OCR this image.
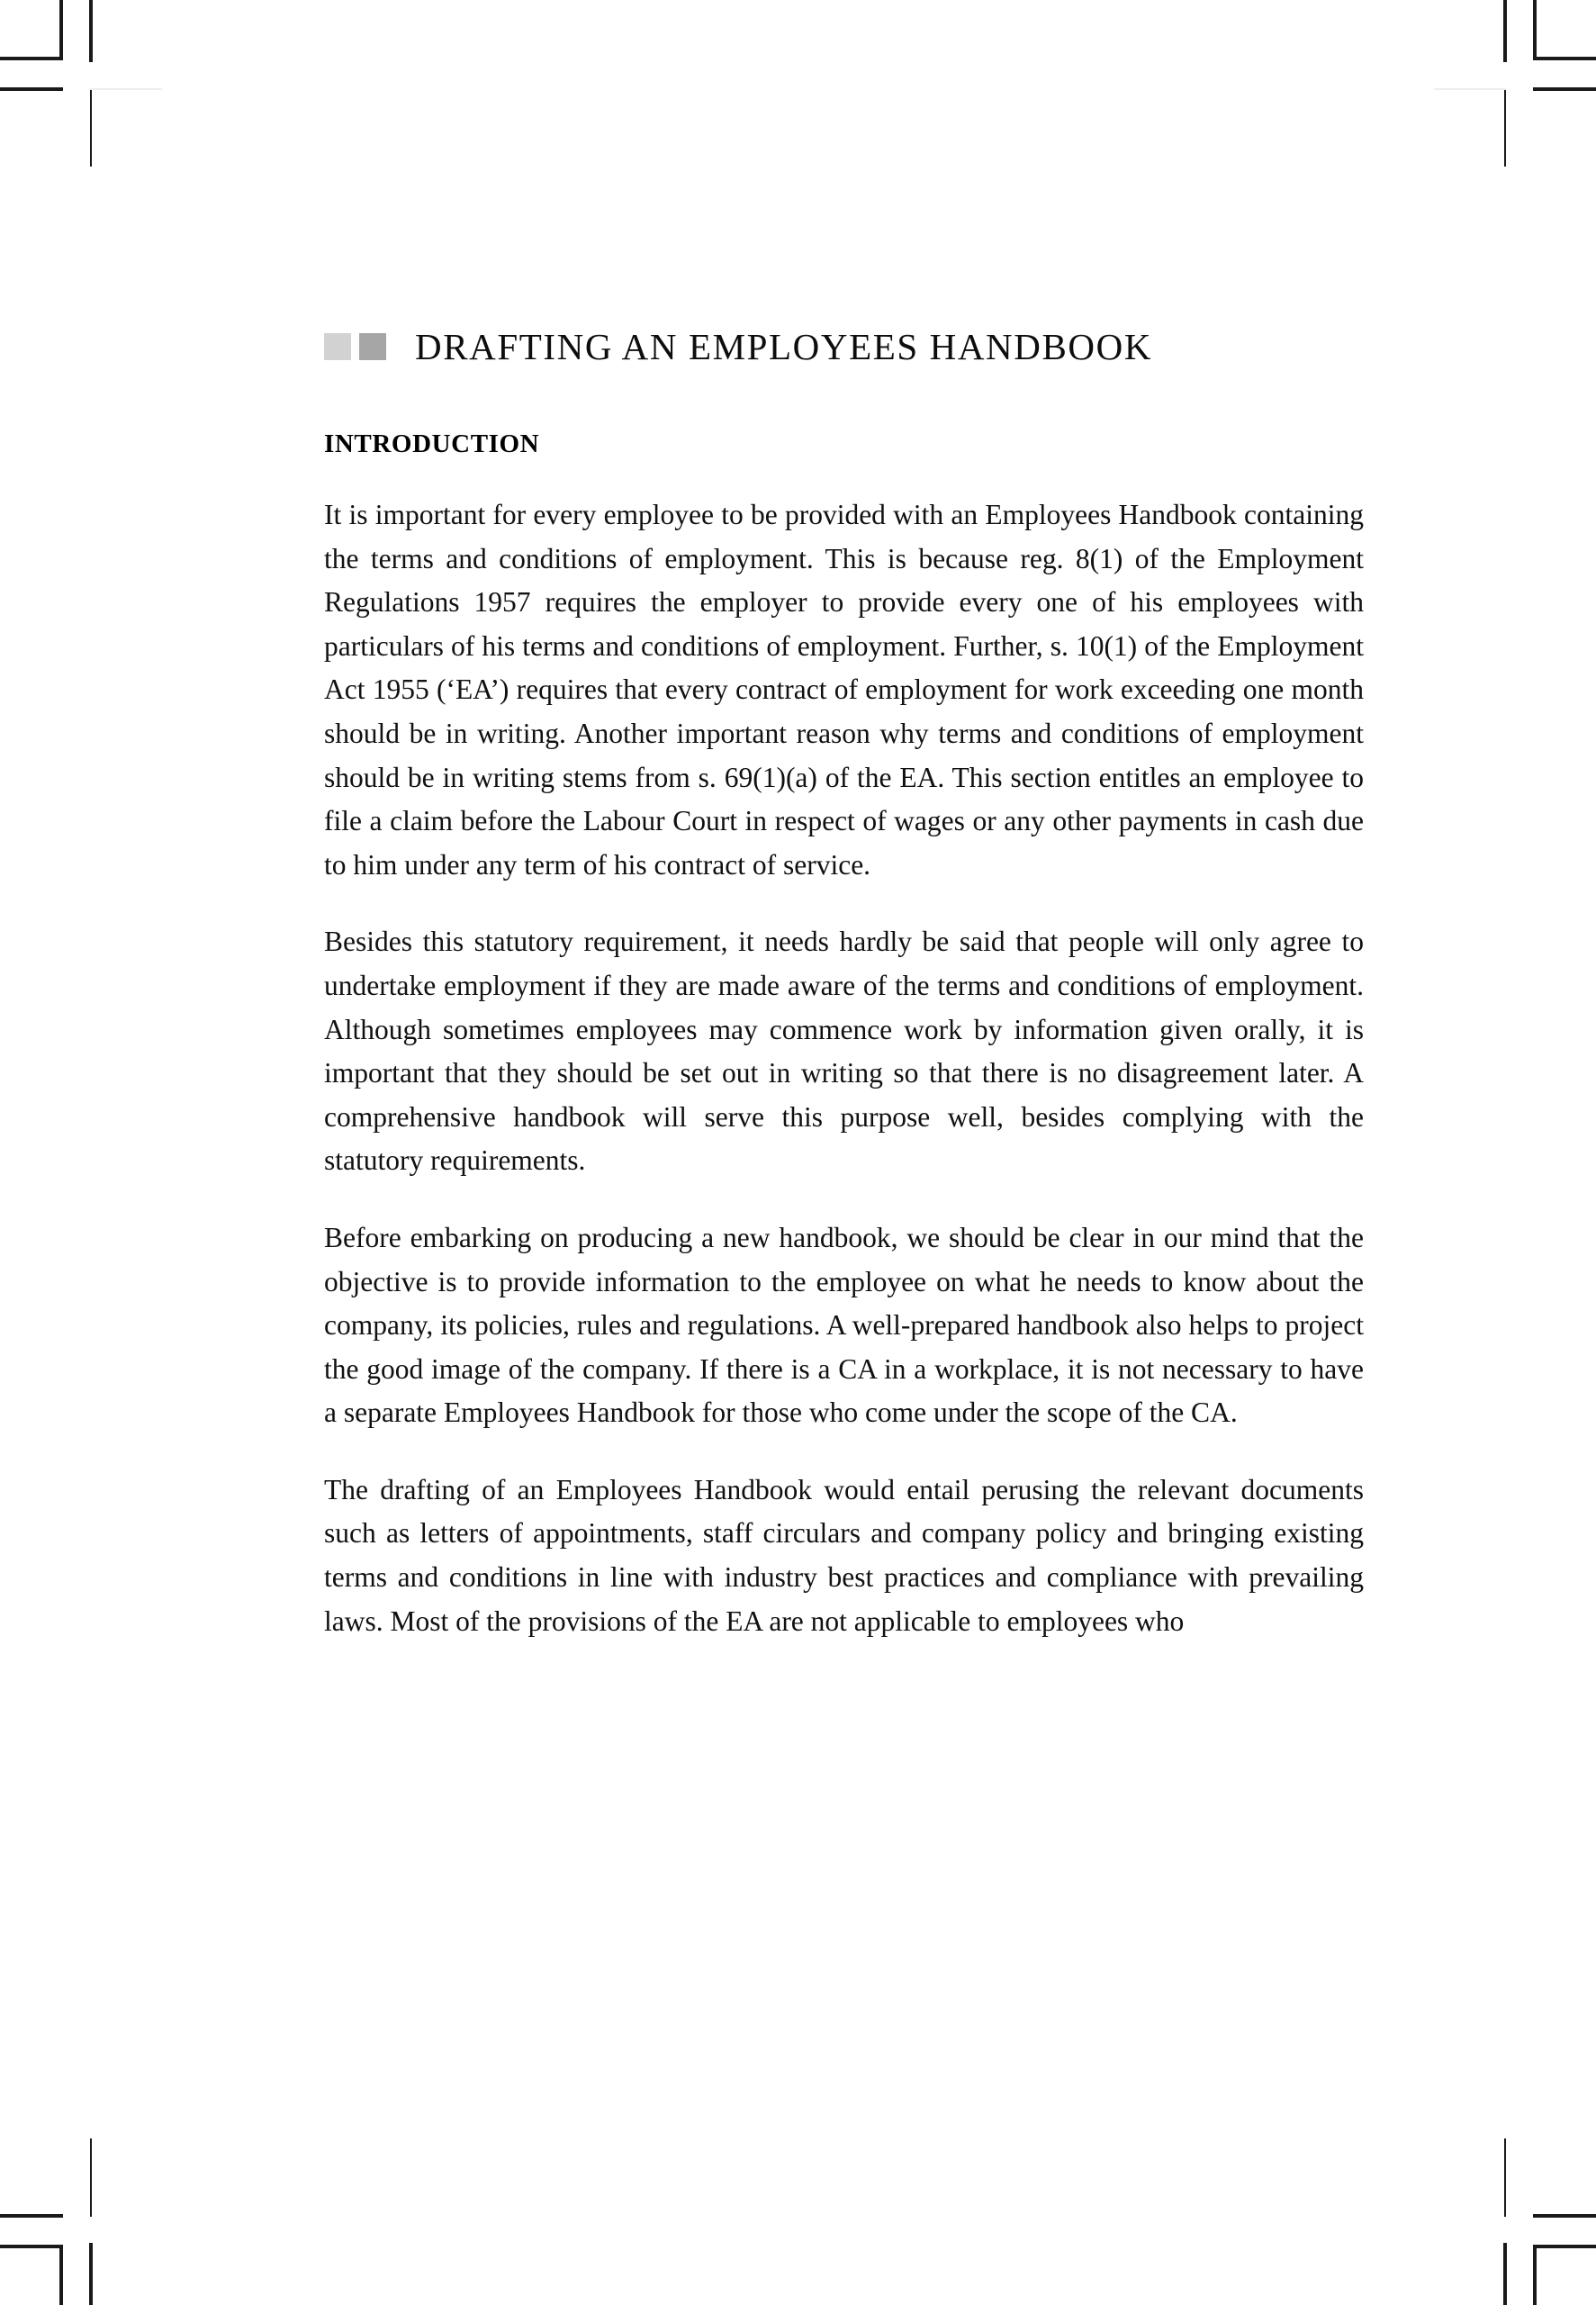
DRAFTING AN EMPLOYEES HANDBOOK
INTRODUCTION

It is important for every employee to be provided with an Employees Handbook containing the terms and conditions of employment. This is because reg. 8(1) of the Employment Regulations 1957 requires the employer to provide every one of his employees with particulars of his terms and conditions of employment. Further, s. 10(1) of the Employment Act 1955 (‘EA’) requires that every contract of employment for work exceeding one month should be in writing. Another important reason why terms and conditions of employment should be in writing stems from s. 69(1)(a) of the EA. This section entitles an employee to file a claim before the Labour Court in respect of wages or any other payments in cash due to him under any term of his contract of service.

Besides this statutory requirement, it needs hardly be said that people will only agree to undertake employment if they are made aware of the terms and conditions of employment. Although sometimes employees may commence work by information given orally, it is important that they should be set out in writing so that there is no disagreement later. A comprehensive handbook will serve this purpose well, besides complying with the statutory requirements.

Before embarking on producing a new handbook, we should be clear in our mind that the objective is to provide information to the employee on what he needs to know about the company, its policies, rules and regulations. A well-prepared handbook also helps to project the good image of the company. If there is a CA in a workplace, it is not necessary to have a separate Employees Handbook for those who come under the scope of the CA.

The drafting of an Employees Handbook would entail perusing the relevant documents such as letters of appointments, staff circulars and company policy and bringing existing terms and conditions in line with industry best practices and compliance with prevailing laws. Most of the provisions of the EA are not applicable to employees who
